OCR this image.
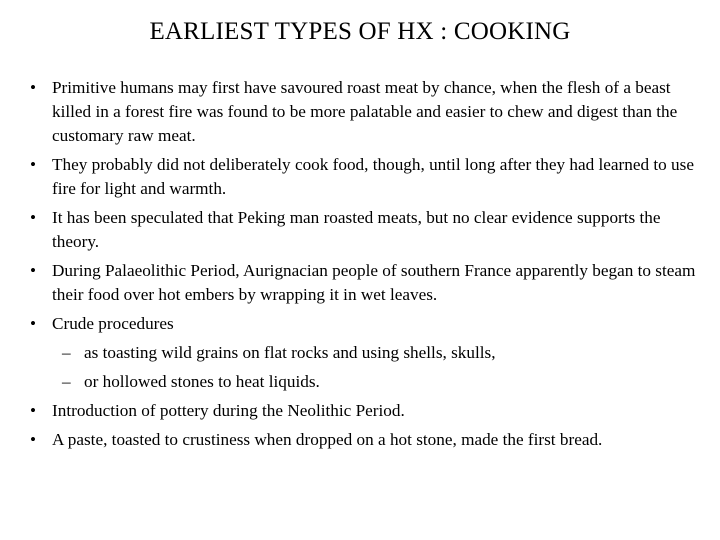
EARLIEST TYPES OF HX : COOKING
• Primitive humans may first have savoured roast meat by chance, when the flesh of a beast killed in a forest fire was found to be more palatable and easier to chew and digest than the customary raw meat.
• They probably did not deliberately cook food, though, until long after they had learned to use fire for light and warmth.
• It has been speculated that Peking man roasted meats, but no clear evidence supports the theory.
• During Palaeolithic Period, Aurignacian people of southern France apparently began to steam their food over hot embers by wrapping it in wet leaves.
• Crude procedures
– as toasting wild grains on flat rocks and using shells, skulls,
– or hollowed stones to heat liquids.
• Introduction of pottery during the Neolithic Period.
• A paste, toasted to crustiness when dropped on a hot stone, made the first bread.
